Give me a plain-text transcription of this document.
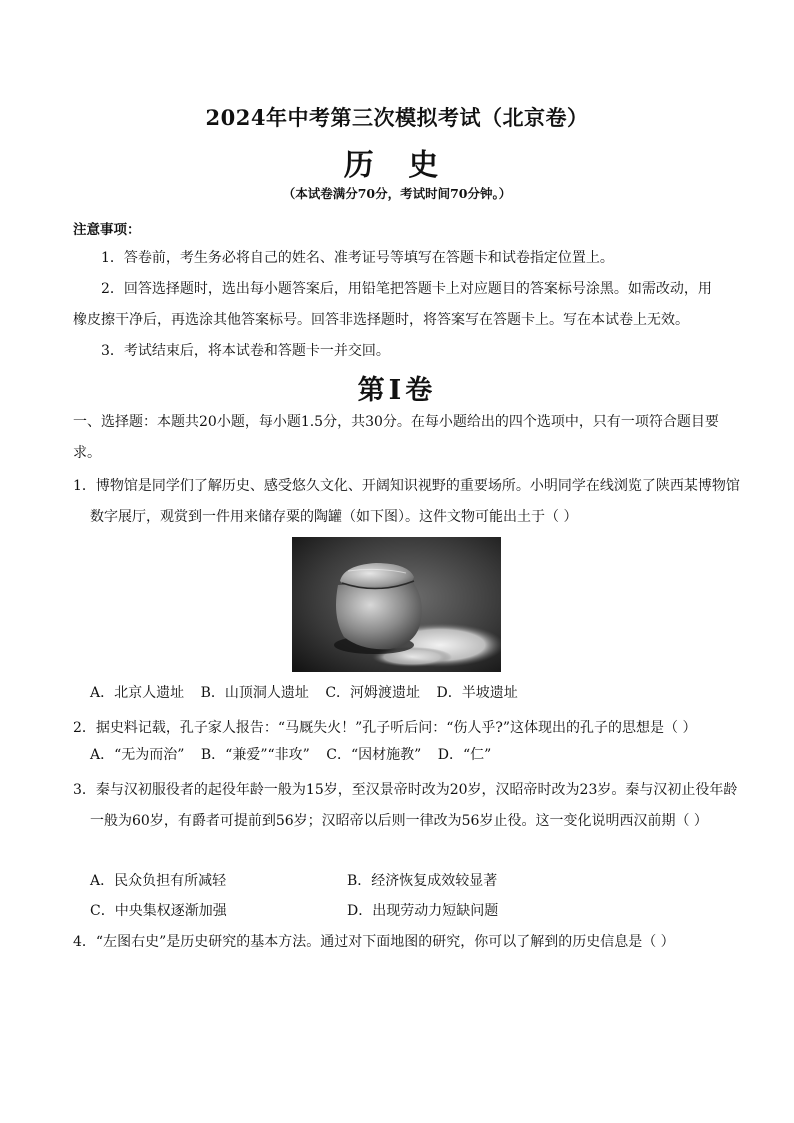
2024年中考第三次模拟考试（北京卷）
历 史
（本试卷满分70分，考试时间70分钟。）
注意事项：
1．答卷前，考生务必将自己的姓名、准考证号等填写在答题卡和试卷指定位置上。
2．回答选择题时，选出每小题答案后，用铅笔把答题卡上对应题目的答案标号涂黑。如需改动，用橡皮擦干净后，再选涂其他答案标号。回答非选择题时，将答案写在答题卡上。写在本试卷上无效。
3．考试结束后，将本试卷和答题卡一并交回。
第Ⅰ卷
一、选择题：本题共20小题，每小题1.5分，共30分。在每小题给出的四个选项中，只有一项符合题目要求。
1．博物馆是同学们了解历史、感受悠久文化、开阔知识视野的重要场所。小明同学在线浏览了陕西某博物馆数字展厅，观赏到一件用来储存粟的陶罐（如下图）。这件文物可能出土于（ ）
A．北京人遗址 B．山顶洞人遗址 C．河姆渡遗址 D．半坡遗址
2．据史料记载，孔子家人报告：“马厩失火！”孔子听后问：“伤人乎?”这体现出的孔子的思想是（ ）
A．“无为而治” B．“兼爱”“非攻” C．“因材施教” D．“仁”
3．秦与汉初服役者的起役年龄一般为15岁，至汉景帝时改为20岁，汉昭帝时改为23岁。秦与汉初止役年龄一般为60岁，有爵者可提前到56岁；汉昭帝以后则一律改为56岁止役。这一变化说明西汉前期（ ）
A．民众负担有所减轻	B．经济恢复成效较显著
C．中央集权逐渐加强	D．出现劳动力短缺问题
4．“左图右史”是历史研究的基本方法。通过对下面地图的研究，你可以了解到的历史信息是（ ）
